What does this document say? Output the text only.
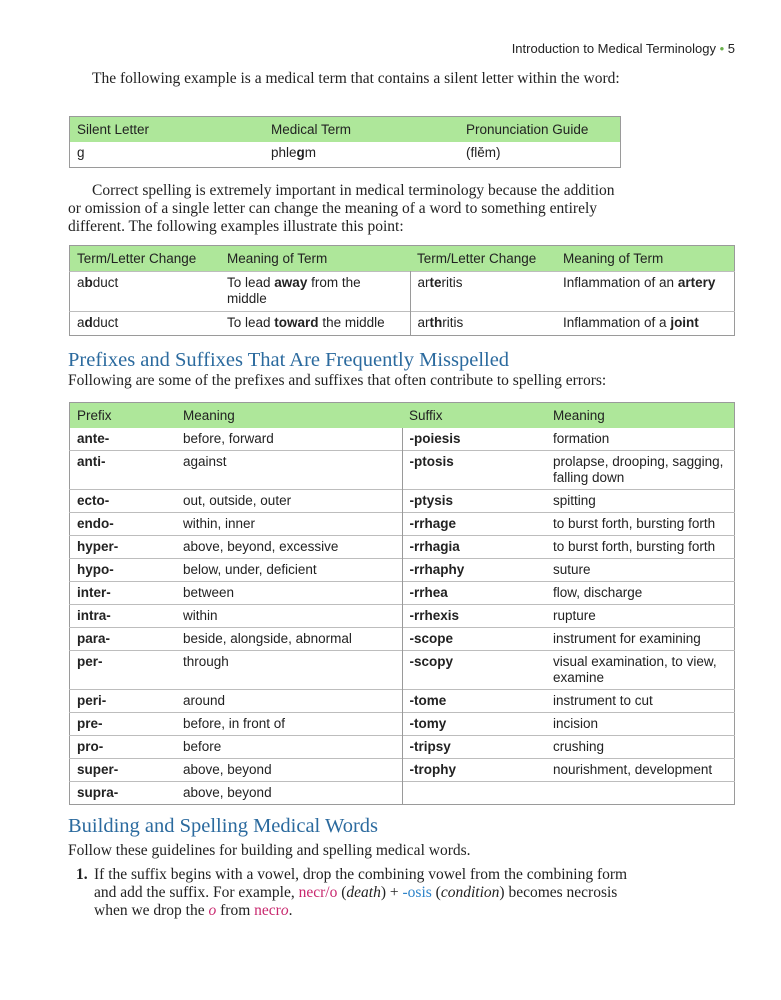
Introduction to Medical Terminology • 5

The following example is a medical term that contains a silent letter within the word:

Silent Letter	Medical Term	Pronunciation Guide
g	phlegm	(flĕm)

Correct spelling is extremely important in medical terminology because the addition or omission of a single letter can change the meaning of a word to something entirely different. The following examples illustrate this point:

Term/Letter Change	Meaning of Term	Term/Letter Change	Meaning of Term
abduct	To lead away from the middle	arteritis	Inflammation of an artery
adduct	To lead toward the middle	arthritis	Inflammation of a joint
Prefixes and Suffixes That Are Frequently Misspelled

Following are some of the prefixes and suffixes that often contribute to spelling errors:

Prefix	Meaning	Suffix	Meaning
ante-	before, forward	-poiesis	formation
anti-	against	-ptosis	prolapse, drooping, sagging, falling down
ecto-	out, outside, outer	-ptysis	spitting
endo-	within, inner	-rrhage	to burst forth, bursting forth
hyper-	above, beyond, excessive	-rrhagia	to burst forth, bursting forth
hypo-	below, under, deficient	-rrhaphy	suture
inter-	between	-rrhea	flow, discharge
intra-	within	-rrhexis	rupture
para-	beside, alongside, abnormal	-scope	instrument for examining
per-	through	-scopy	visual examination, to view, examine
peri-	around	-tome	instrument to cut
pre-	before, in front of	-tomy	incision
pro-	before	-tripsy	crushing
super-	above, beyond	-trophy	nourishment, development
supra-	above, beyond		
Building and Spelling Medical Words

Follow these guidelines for building and spelling medical words.

1. If the suffix begins with a vowel, drop the combining vowel from the combining form and add the suffix. For example, necr/o (death) + -osis (condition) becomes necrosis when we drop the o from necro.
